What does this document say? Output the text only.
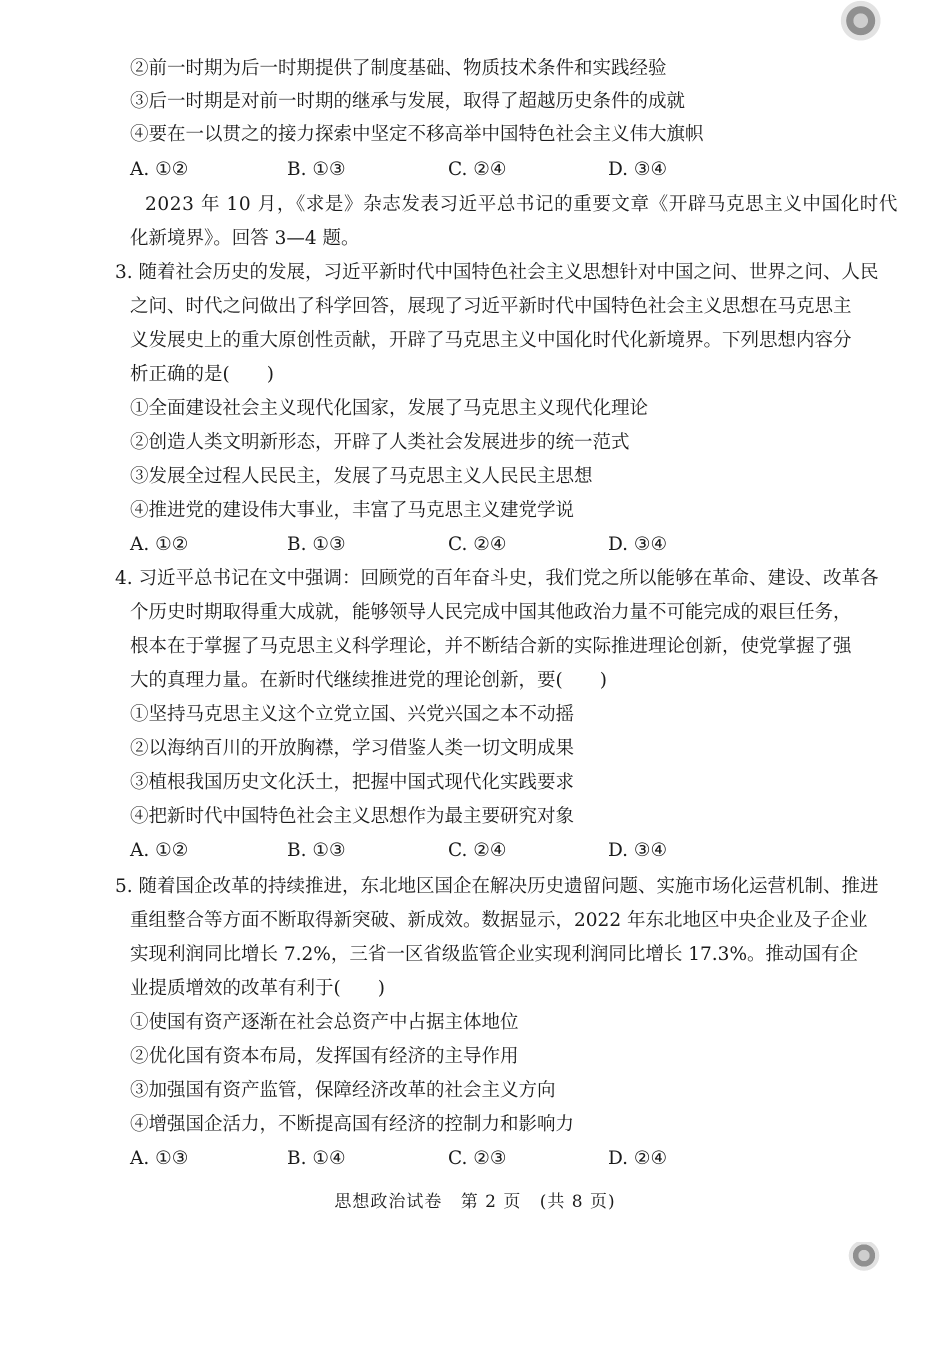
②前一时期为后一时期提供了制度基础、物质技术条件和实践经验
③后一时期是对前一时期的继承与发展，取得了超越历史条件的成就
④要在一以贯之的接力探索中坚定不移高举中国特色社会主义伟大旗帜
A. ①②	B. ①③	C. ②④	D. ③④
2023 年 10 月，《求是》杂志发表习近平总书记的重要文章《开辟马克思主义中国化时代
化新境界》。回答 3—4 题。
3. 随着社会历史的发展，习近平新时代中国特色社会主义思想针对中国之问、世界之问、人民
之问、时代之问做出了科学回答，展现了习近平新时代中国特色社会主义思想在马克思主
义发展史上的重大原创性贡献，开辟了马克思主义中国化时代化新境界。下列思想内容分
析正确的是(　　)
①全面建设社会主义现代化国家，发展了马克思主义现代化理论
②创造人类文明新形态，开辟了人类社会发展进步的统一范式
③发展全过程人民民主，发展了马克思主义人民民主思想
④推进党的建设伟大事业，丰富了马克思主义建党学说
A. ①②	B. ①③	C. ②④	D. ③④
4. 习近平总书记在文中强调：回顾党的百年奋斗史，我们党之所以能够在革命、建设、改革各
个历史时期取得重大成就，能够领导人民完成中国其他政治力量不可能完成的艰巨任务，
根本在于掌握了马克思主义科学理论，并不断结合新的实际推进理论创新，使党掌握了强
大的真理力量。在新时代继续推进党的理论创新，要(　　)
①坚持马克思主义这个立党立国、兴党兴国之本不动摇
②以海纳百川的开放胸襟，学习借鉴人类一切文明成果
③植根我国历史文化沃土，把握中国式现代化实践要求
④把新时代中国特色社会主义思想作为最主要研究对象
A. ①②	B. ①③	C. ②④	D. ③④
5. 随着国企改革的持续推进，东北地区国企在解决历史遗留问题、实施市场化运营机制、推进
重组整合等方面不断取得新突破、新成效。数据显示，2022 年东北地区中央企业及子企业
实现利润同比增长 7.2%，三省一区省级监管企业实现利润同比增长 17.3%。推动国有企
业提质增效的改革有利于(　　)
①使国有资产逐渐在社会总资产中占据主体地位
②优化国有资本布局，发挥国有经济的主导作用
③加强国有资产监管，保障经济改革的社会主义方向
④增强国企活力，不断提高国有经济的控制力和影响力
A. ①③	B. ①④	C. ②③	D. ②④
思想政治试卷 第 2 页 (共 8 页)
